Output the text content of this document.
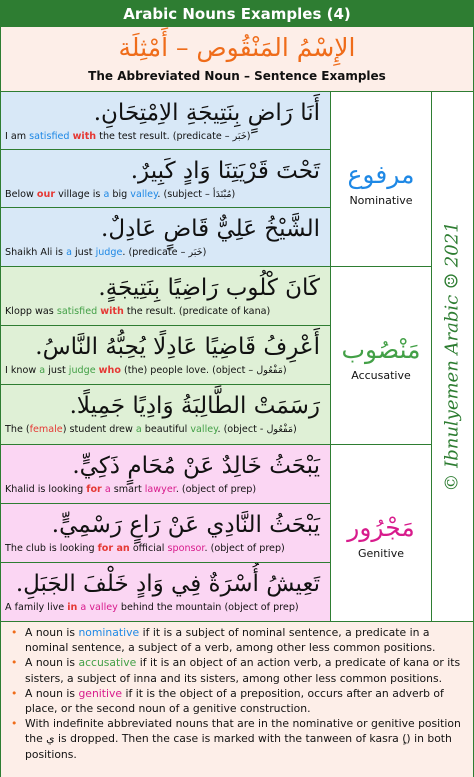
Arabic Nouns Examples (4)
الإِسْمُ المَنْقُوص – أَمْثِلَة
The Abbreviated Noun – Sentence Examples
أَنَا رَاضٍ بِنَتِيجَةِ الاِمْتِحَانِ.
I am satisfied with the test result. (predicate – خَبَر)
تَحْتَ قَرْيَتِنَا وَادٍ كَبِيرٌ.
Below our village is a big valley. (subject – مُبْتَدَأ)
الشَّيْخُ عَلِيٌّ قَاضٍ عَادِلٌ.
Shaikh Ali is a just judge. (predicate – خَبَر)
كَانَ كْلُوب رَاضِيًا بِنَتِيجَةٍ.
Klopp was satisfied with the result. (predicate of kana)
أَعْرِفُ قَاضِيًا عَادِلًا يُحِبُّهُ النَّاسُ.
I know a just judge who (the) people love. (object – مَفْعُول)
رَسَمَتْ الطَّالِبَةُ وَادِيًا جَمِيلًا.
The (female) student drew a beautiful valley. (object - مَفْعُول)
يَبْحَثُ خَالِدٌ عَنْ مُحَامٍ ذَكِيٍّ.
Khalid is looking for a smart lawyer. (object of prep)
يَبْحَثُ النَّادِي عَنْ رَاعٍ رَسْمِيٍّ.
The club is looking for an official sponsor. (object of prep)
تَعِيشُ أُسْرَةٌ فِي وَادٍ خَلْفَ الجَبَلِ.
A family live in a valley behind the mountain (object of prep)
مرفوع
Nominative
مَنْصُوب
Accusative
مَجْرُور
Genitive
© Ibnulyemen Arabic ☺ 2021
• A noun is nominative if it is a subject of nominal sentence, a predicate in a nominal sentence, a subject of a verb, among other less common positions.
• A noun is accusative if it is an object of an action verb, a predicate of kana or its sisters, a subject of inna and its sisters, among other less common positions.
• A noun is genitive if it is the object of a preposition, occurs after an adverb of place, or the second noun of a genitive construction.
• With indefinite abbreviated nouns that are in the nominative or genitive position the ي is dropped. Then the case is marked with the tanween of kasra (ٍ) in both positions.
